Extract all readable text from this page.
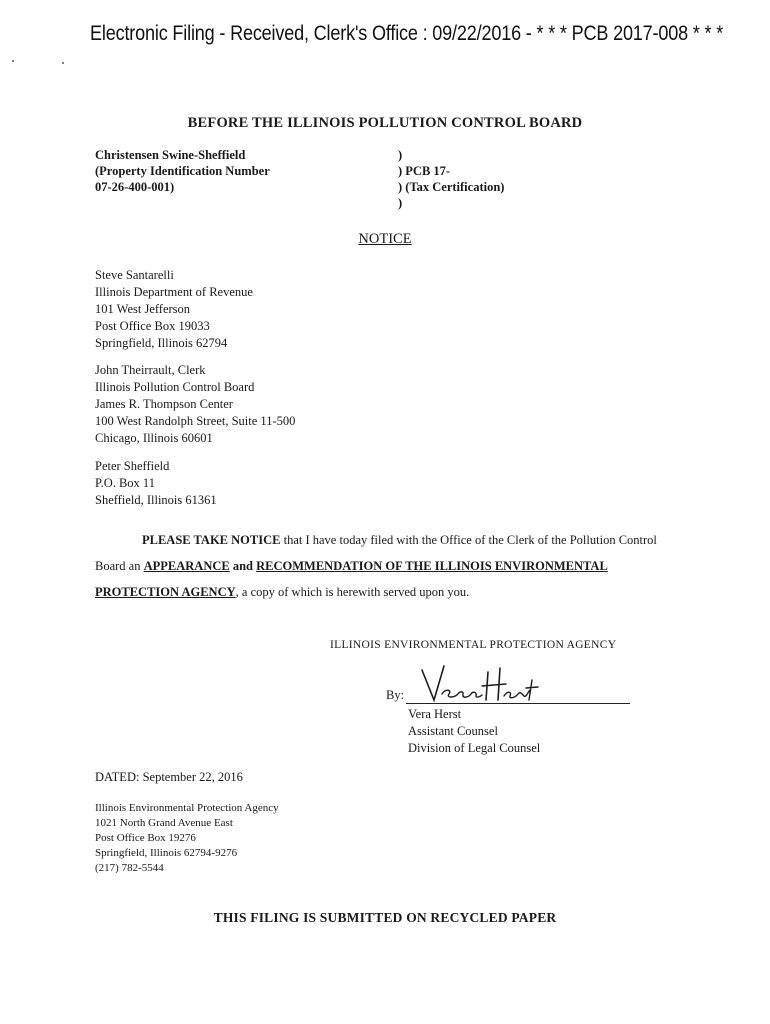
Electronic Filing - Received, Clerk's Office : 09/22/2016 - * * * PCB 2017-008 * * *
BEFORE THE ILLINOIS POLLUTION CONTROL BOARD
Christensen Swine-Sheffield
(Property Identification Number
07-26-400-001)
)
) PCB 17-
) (Tax Certification)
)
NOTICE
Steve Santarelli
Illinois Department of Revenue
101 West Jefferson
Post Office Box 19033
Springfield, Illinois 62794
John Theirrault, Clerk
Illinois Pollution Control Board
James R. Thompson Center
100 West Randolph Street, Suite 11-500
Chicago, Illinois 60601
Peter Sheffield
P.O. Box 11
Sheffield, Illinois 61361
PLEASE TAKE NOTICE that I have today filed with the Office of the Clerk of the Pollution Control Board an APPEARANCE and RECOMMENDATION OF THE ILLINOIS ENVIRONMENTAL PROTECTION AGENCY, a copy of which is herewith served upon you.
ILLINOIS ENVIRONMENTAL PROTECTION AGENCY
By:
Vera Herst
Assistant Counsel
Division of Legal Counsel
DATED: September 22, 2016
Illinois Environmental Protection Agency
1021 North Grand Avenue East
Post Office Box 19276
Springfield, Illinois 62794-9276
(217) 782-5544
THIS FILING IS SUBMITTED ON RECYCLED PAPER
